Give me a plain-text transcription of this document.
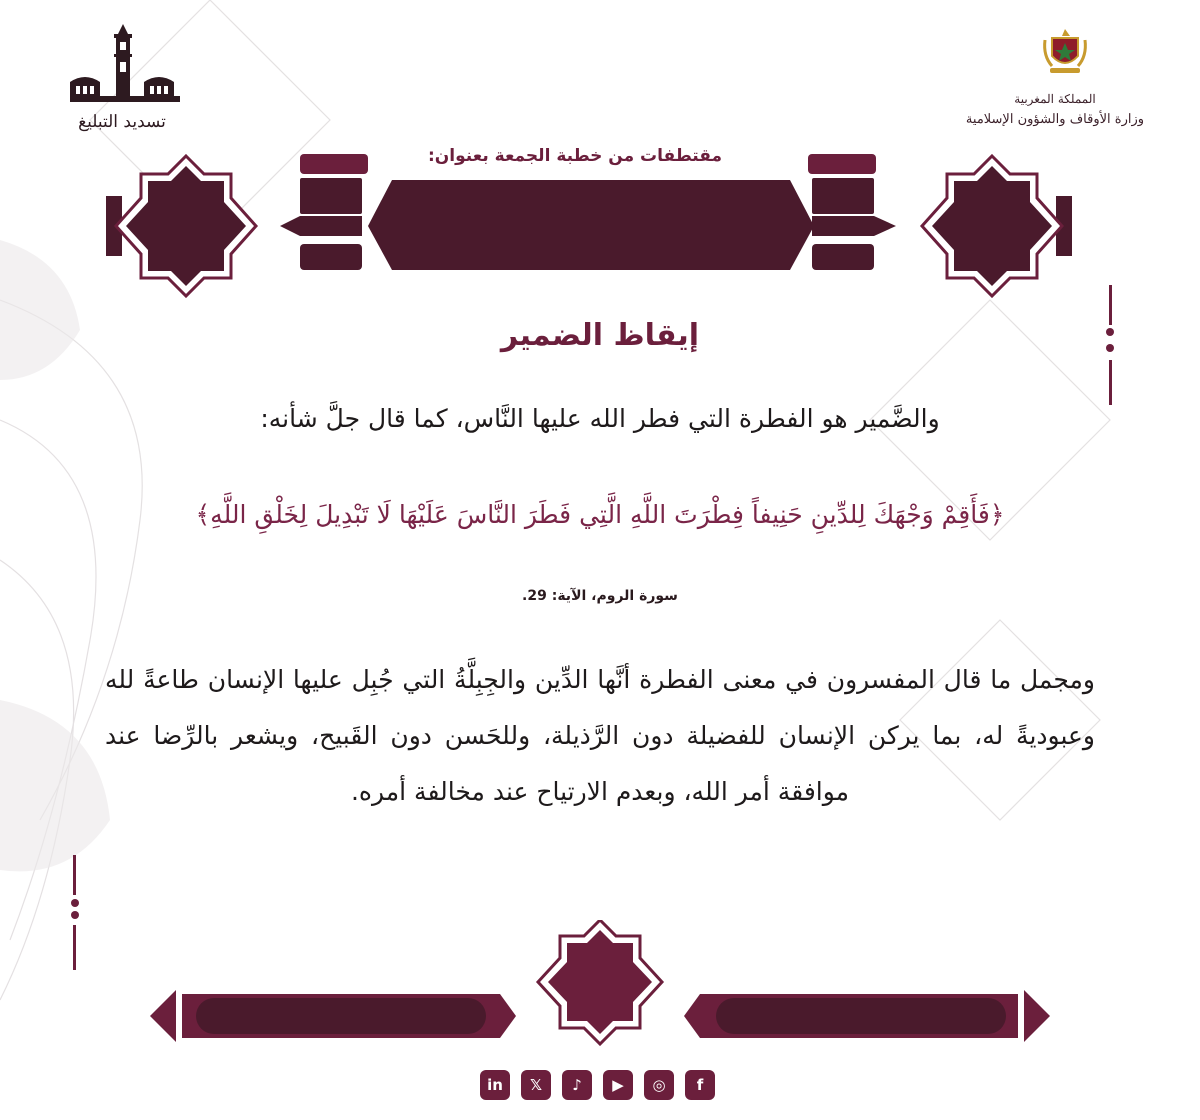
المملكة المغربية
وزارة الأوقاف والشؤون الإسلامية
تسديد التبليغ
مقتطفات من خطبة الجمعة بعنوان:
إيقاظ الضمير
والضَّمير هو الفطرة التي فطر الله عليها النَّاس، كما قال جلَّ شأنه:
﴿فَأَقِمْ وَجْهَكَ لِلدِّينِ حَنِيفاً فِطْرَتَ اللَّهِ الَّتِي فَطَرَ النَّاسَ عَلَيْهَا لَا تَبْدِيلَ لِخَلْقِ اللَّهِ﴾
سورة الروم، الآية: 29.
ومجمل ما قال المفسرون في معنى الفطرة أنَّها الدِّين والجِبِلَّةُ التي جُبِل عليها الإنسان طاعةً لله وعبوديةً له، بما يركن الإنسان للفضيلة دون الرَّذيلة، وللحَسن دون القَبيح، ويشعر بالرِّضا عند موافقة أمر الله، وبعدم الارتياح عند مخالفة أمره.
f
◎
▶
♪
𝕏
in
